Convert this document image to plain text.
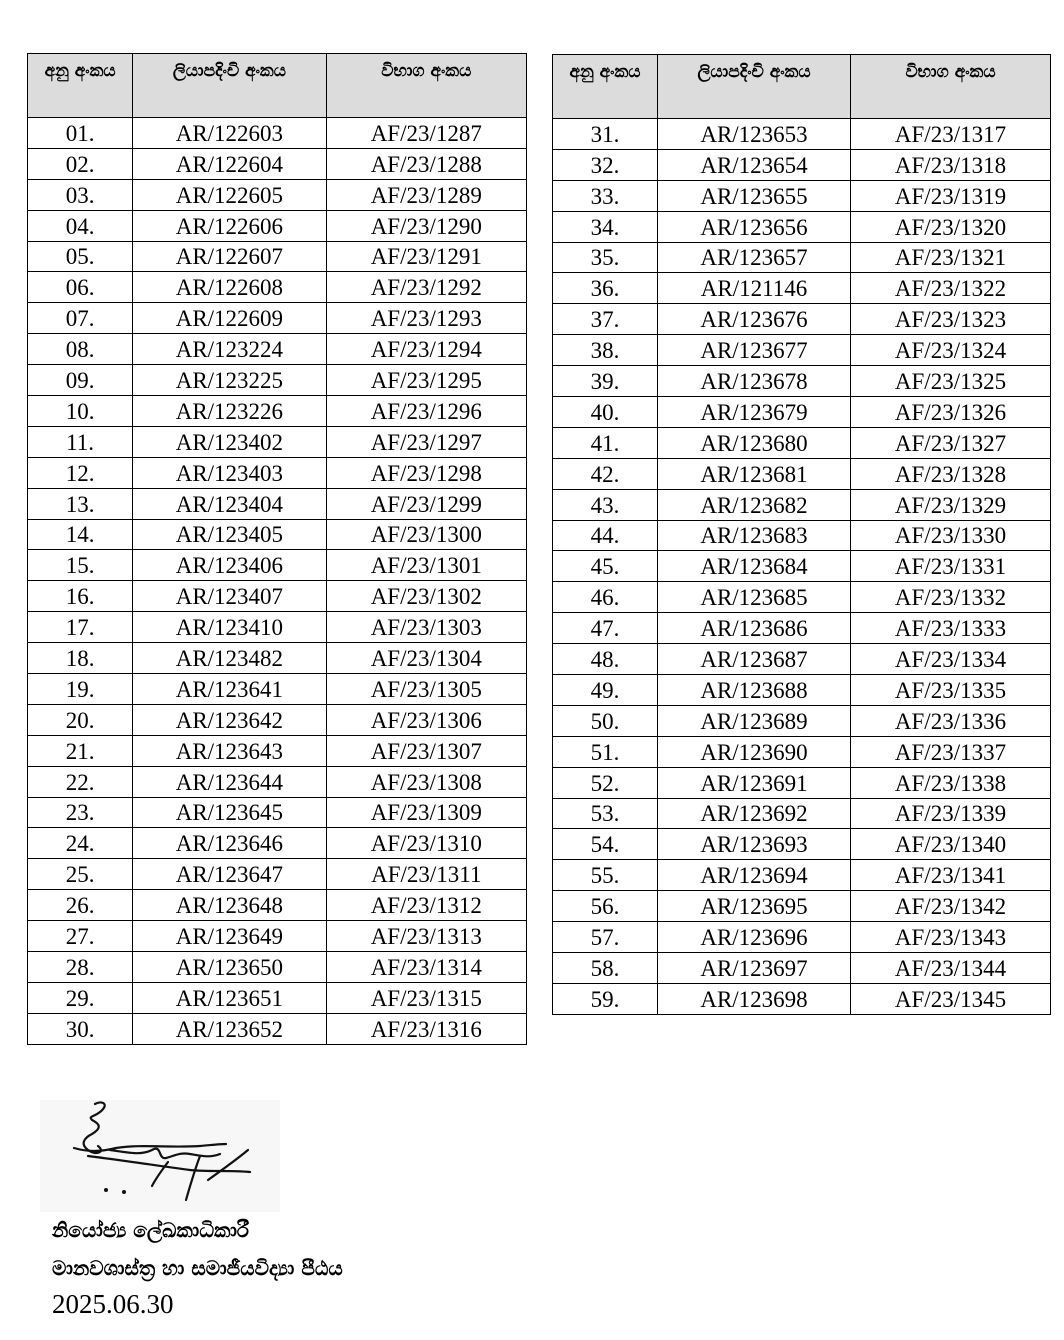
අනු අංකය	ලියාපදිංචි අංකය	විභාග අංකය
01.	AR/122603	AF/23/1287
02.	AR/122604	AF/23/1288
03.	AR/122605	AF/23/1289
04.	AR/122606	AF/23/1290
05.	AR/122607	AF/23/1291
06.	AR/122608	AF/23/1292
07.	AR/122609	AF/23/1293
08.	AR/123224	AF/23/1294
09.	AR/123225	AF/23/1295
10.	AR/123226	AF/23/1296
11.	AR/123402	AF/23/1297
12.	AR/123403	AF/23/1298
13.	AR/123404	AF/23/1299
14.	AR/123405	AF/23/1300
15.	AR/123406	AF/23/1301
16.	AR/123407	AF/23/1302
17.	AR/123410	AF/23/1303
18.	AR/123482	AF/23/1304
19.	AR/123641	AF/23/1305
20.	AR/123642	AF/23/1306
21.	AR/123643	AF/23/1307
22.	AR/123644	AF/23/1308
23.	AR/123645	AF/23/1309
24.	AR/123646	AF/23/1310
25.	AR/123647	AF/23/1311
26.	AR/123648	AF/23/1312
27.	AR/123649	AF/23/1313
28.	AR/123650	AF/23/1314
29.	AR/123651	AF/23/1315
30.	AR/123652	AF/23/1316
අනු අංකය	ලියාපදිංචි අංකය	විභාග අංකය
31.	AR/123653	AF/23/1317
32.	AR/123654	AF/23/1318
33.	AR/123655	AF/23/1319
34.	AR/123656	AF/23/1320
35.	AR/123657	AF/23/1321
36.	AR/121146	AF/23/1322
37.	AR/123676	AF/23/1323
38.	AR/123677	AF/23/1324
39.	AR/123678	AF/23/1325
40.	AR/123679	AF/23/1326
41.	AR/123680	AF/23/1327
42.	AR/123681	AF/23/1328
43.	AR/123682	AF/23/1329
44.	AR/123683	AF/23/1330
45.	AR/123684	AF/23/1331
46.	AR/123685	AF/23/1332
47.	AR/123686	AF/23/1333
48.	AR/123687	AF/23/1334
49.	AR/123688	AF/23/1335
50.	AR/123689	AF/23/1336
51.	AR/123690	AF/23/1337
52.	AR/123691	AF/23/1338
53.	AR/123692	AF/23/1339
54.	AR/123693	AF/23/1340
55.	AR/123694	AF/23/1341
56.	AR/123695	AF/23/1342
57.	AR/123696	AF/23/1343
58.	AR/123697	AF/23/1344
59.	AR/123698	AF/23/1345
නියෝජ්‍ය ලේඛකාධිකාරී
මානවශාස්ත්‍ර හා සමාජීයවිද්‍යා පීඨය
2025.06.30
